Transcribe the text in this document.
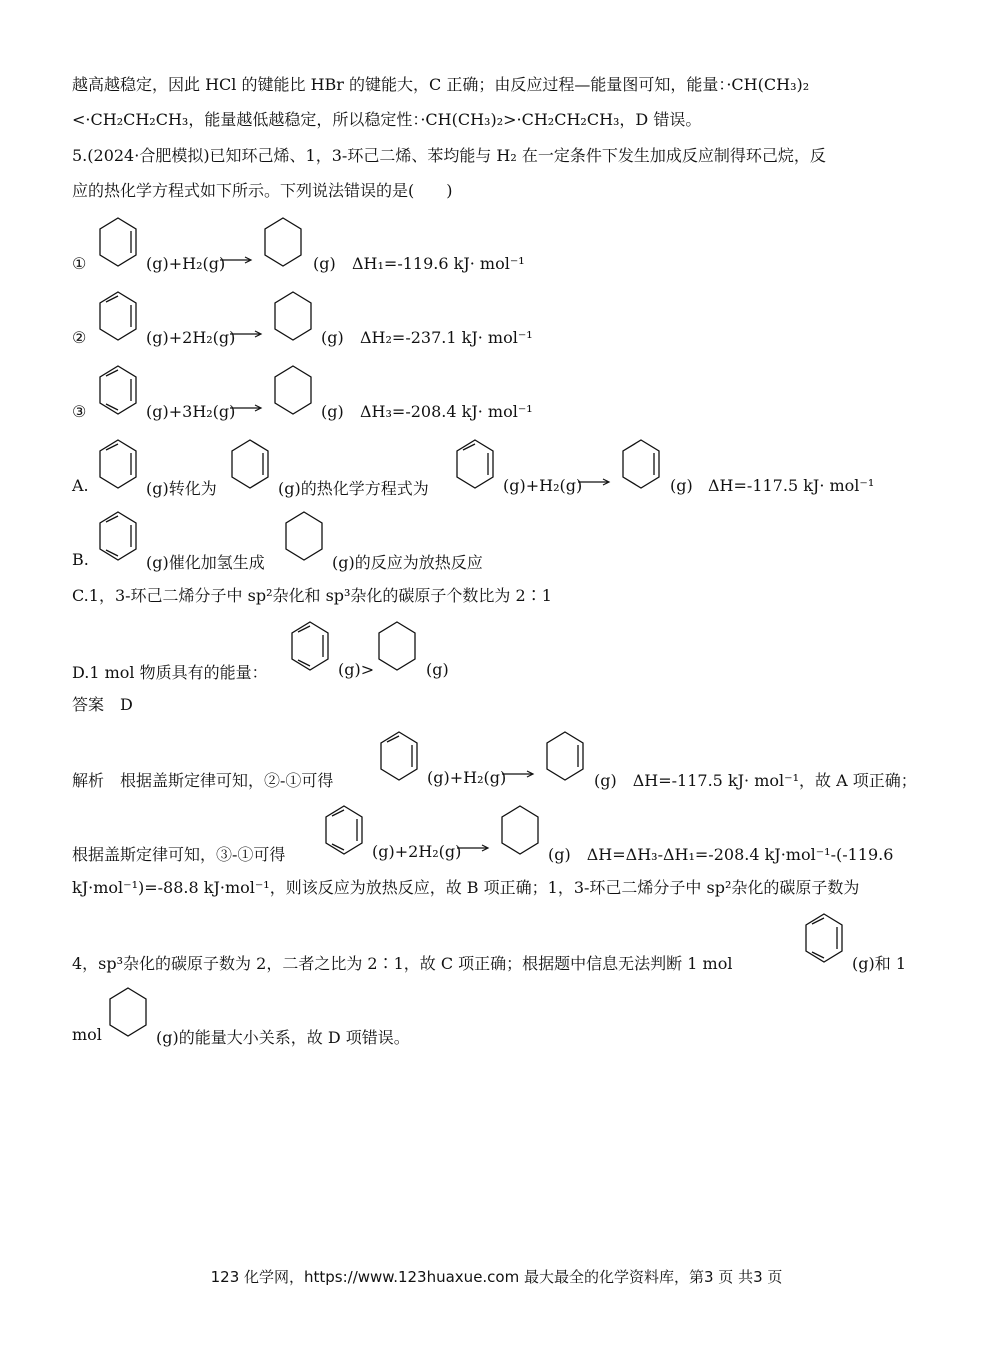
越高越稳定，因此 HCl 的键能比 HBr 的键能大，C 正确；由反应过程—能量图可知，能量：·CH(CH₃)₂
<·CH₂CH₂CH₃，能量越低越稳定，所以稳定性：·CH(CH₃)₂>·CH₂CH₂CH₃，D 错误。
5.(2024·合肥模拟)已知环己烯、1，3-环己二烯、苯均能与 H₂ 在一定条件下发生加成反应制得环己烷，反
应的热化学方程式如下所示。下列说法错误的是(　　)
①	(g)+H₂(g)	(g) ΔH₁=-119.6 kJ· mol⁻¹
②	(g)+2H₂(g)	(g) ΔH₂=-237.1 kJ· mol⁻¹
③	(g)+3H₂(g)	(g) ΔH₃=-208.4 kJ· mol⁻¹
A.	(g)转化为	(g)的热化学方程式为	(g)+H₂(g)	(g) ΔH=-117.5 kJ· mol⁻¹
B.	(g)催化加氢生成	(g)的反应为放热反应
C.1，3-环己二烯分子中 sp²杂化和 sp³杂化的碳原子个数比为 2∶1
D.1 mol 物质具有的能量：	(g)>	(g)
答案　D
解析　根据盖斯定律可知，②-①可得	(g)+H₂(g)	(g)　ΔH=-117.5 kJ· mol⁻¹，故 A 项正确；
根据盖斯定律可知，③-①可得	(g)+2H₂(g)	(g)　ΔH=ΔH₃-ΔH₁=-208.4 kJ·mol⁻¹-(-119.6
kJ·mol⁻¹)=-88.8 kJ·mol⁻¹，则该反应为放热反应，故 B 项正确；1，3-环己二烯分子中 sp²杂化的碳原子数为
4，sp³杂化的碳原子数为 2，二者之比为 2∶1，故 C 项正确；根据题中信息无法判断 1 mol	(g)和 1
mol	(g)的能量大小关系，故 D 项错误。
123 化学网，https://www.123huaxue.com 最大最全的化学资料库，第3 页 共3 页
